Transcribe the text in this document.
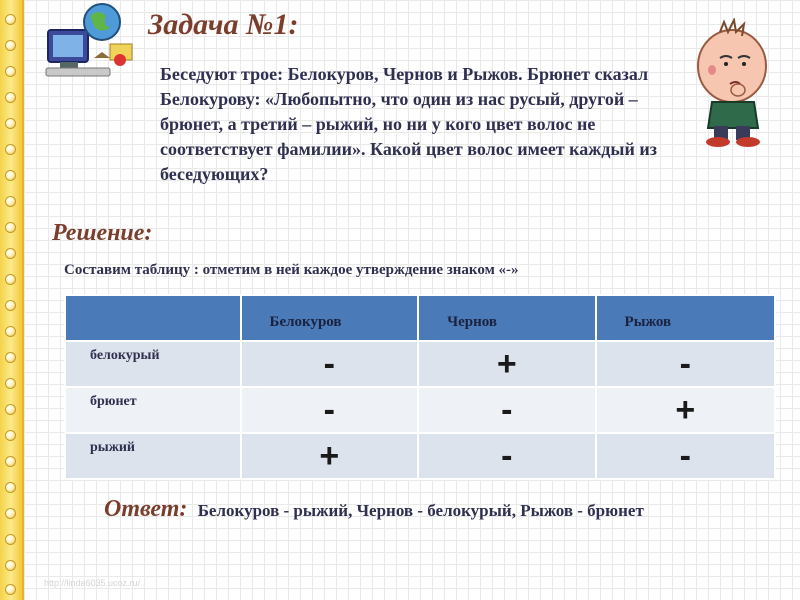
Задача №1:
Беседуют трое: Белокуров, Чернов и Рыжов. Брюнет сказал Белокурову: «Любопытно, что один из нас русый, другой – брюнет, а третий – рыжий, но ни у кого цвет волос не соответствует фамилии». Какой цвет волос имеет каждый из беседующих?
Решение:
Составим таблицу : отметим в ней каждое утверждение знаком «-»
	Белокуров	Чернов	Рыжов
белокурый	-	+	-
брюнет	-	-	+
рыжий	+	-	-
Ответ: Белокуров - рыжий, Чернов - белокурый, Рыжов - брюнет
http://linda6035.ucoz.ru/
